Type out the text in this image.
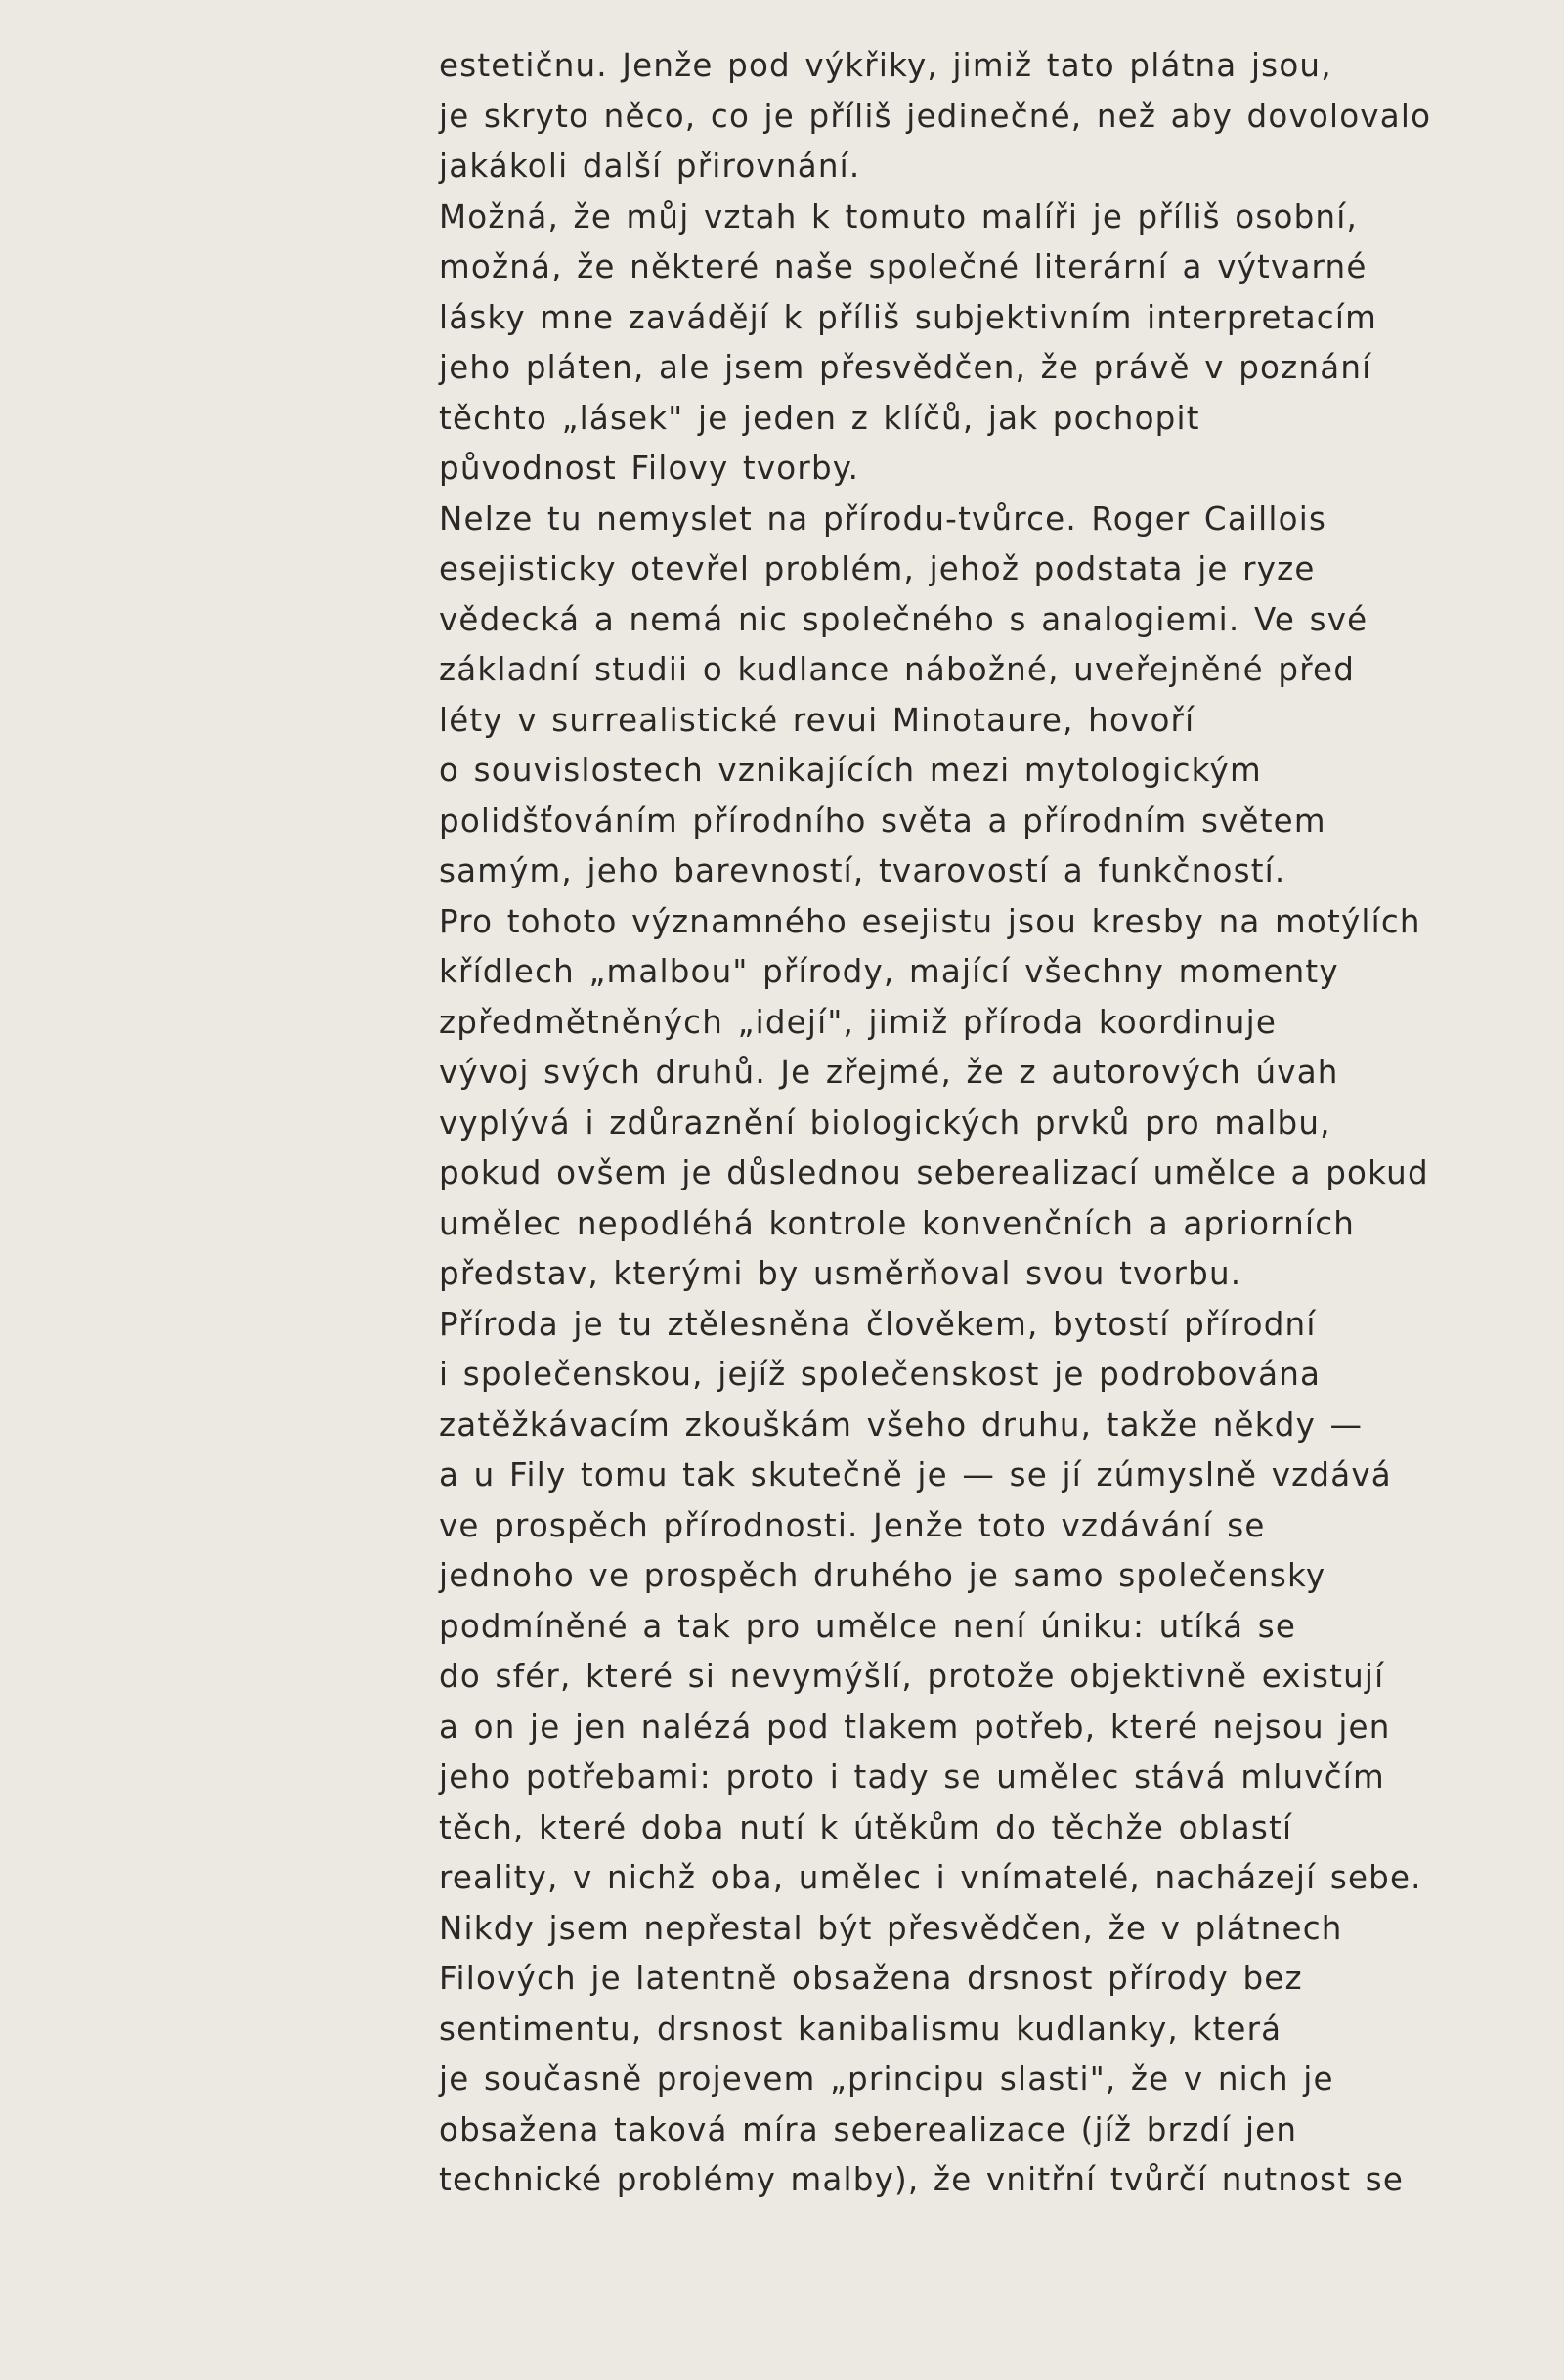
estetičnu. Jenže pod výkřiky, jimiž tato plátna jsou,
je skryto něco, co je příliš jedinečné, než aby dovolovalo
jakákoli další přirovnání.
Možná, že můj vztah k tomuto malíři je příliš osobní,
možná, že některé naše společné literární a výtvarné
lásky mne zavádějí k příliš subjektivním interpretacím
jeho pláten, ale jsem přesvědčen, že právě v poznání
těchto „lásek" je jeden z klíčů, jak pochopit
původnost Filovy tvorby.
Nelze tu nemyslet na přírodu-tvůrce. Roger Caillois
esejisticky otevřel problém, jehož podstata je ryze
vědecká a nemá nic společného s analogiemi. Ve své
základní studii o kudlance nábožné, uveřejněné před
léty v surrealistické revui Minotaure, hovoří
o souvislostech vznikajících mezi mytologickým
polidšťováním přírodního světa a přírodním světem
samým, jeho barevností, tvarovostí a funkčností.
Pro tohoto významného esejistu jsou kresby na motýlích
křídlech „malbou" přírody, mající všechny momenty
zpředmětněných „idejí", jimiž příroda koordinuje
vývoj svých druhů. Je zřejmé, že z autorových úvah
vyplývá i zdůraznění biologických prvků pro malbu,
pokud ovšem je důslednou seberealizací umělce a pokud
umělec nepodléhá kontrole konvenčních a apriorních
představ, kterými by usměrňoval svou tvorbu.
Příroda je tu ztělesněna člověkem, bytostí přírodní
i společenskou, jejíž společenskost je podrobována
zatěžkávacím zkouškám všeho druhu, takže někdy —
a u Fily tomu tak skutečně je — se jí zúmyslně vzdává
ve prospěch přírodnosti. Jenže toto vzdávání se
jednoho ve prospěch druhého je samo společensky
podmíněné a tak pro umělce není úniku: utíká se
do sfér, které si nevymýšlí, protože objektivně existují
a on je jen nalézá pod tlakem potřeb, které nejsou jen
jeho potřebami: proto i tady se umělec stává mluvčím
těch, které doba nutí k útěkům do těchže oblastí
reality, v nichž oba, umělec i vnímatelé, nacházejí sebe.
Nikdy jsem nepřestal být přesvědčen, že v plátnech
Filových je latentně obsažena drsnost přírody bez
sentimentu, drsnost kanibalismu kudlanky, která
je současně projevem „principu slasti", že v nich je
obsažena taková míra seberealizace (jíž brzdí jen
technické problémy malby), že vnitřní tvůrčí nutnost se
